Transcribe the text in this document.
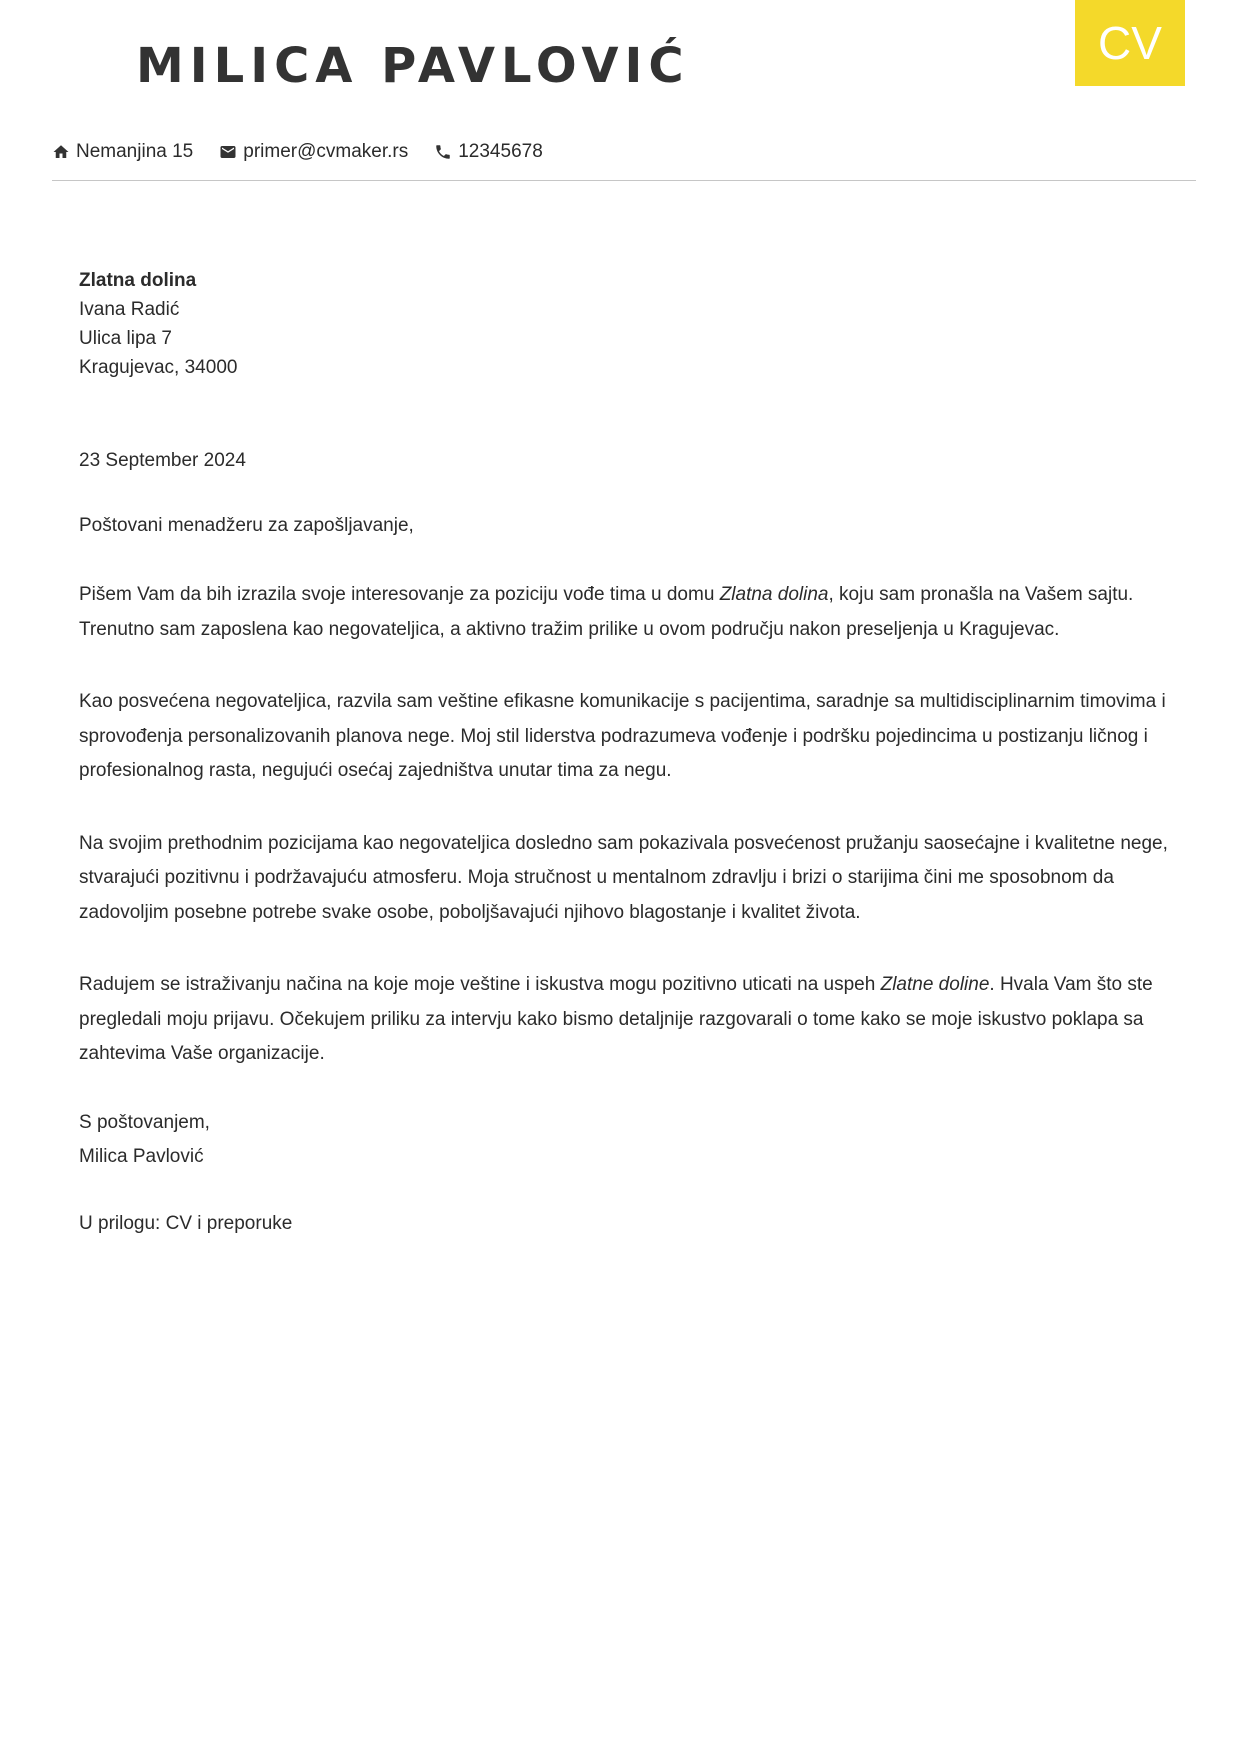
MILICA PAVLOVIĆ	CV
Nemanjina 15	primer@cvmaker.rs	12345678
Zlatna dolina
Ivana Radić
Ulica lipa 7
Kragujevac, 34000
23 September 2024
Poštovani menadžeru za zapošljavanje,

Pišem Vam da bih izrazila svoje interesovanje za poziciju vođe tima u domu Zlatna dolina, koju sam pronašla na Vašem sajtu. Trenutno sam zaposlena kao negovateljica, a aktivno tražim prilike u ovom području nakon preseljenja u Kragujevac.

Kao posvećena negovateljica, razvila sam veštine efikasne komunikacije s pacijentima, saradnje sa multidisciplinarnim timovima i sprovođenja personalizovanih planova nege. Moj stil liderstva podrazumeva vođenje i podršku pojedincima u postizanju ličnog i profesionalnog rasta, negujući osećaj zajedništva unutar tima za negu.

Na svojim prethodnim pozicijama kao negovateljica dosledno sam pokazivala posvećenost pružanju saosećajne i kvalitetne nege, stvarajući pozitivnu i podržavajuću atmosferu. Moja stručnost u mentalnom zdravlju i brizi o starijima čini me sposobnom da zadovoljim posebne potrebe svake osobe, poboljšavajući njihovo blagostanje i kvalitet života.

Radujem se istraživanju načina na koje moje veštine i iskustva mogu pozitivno uticati na uspeh Zlatne doline. Hvala Vam što ste pregledali moju prijavu. Očekujem priliku za intervju kako bismo detaljnije razgovarali o tome kako se moje iskustvo poklapa sa zahtevima Vaše organizacije.

S poštovanjem,
Milica Pavlović
U prilogu: CV i preporuke
